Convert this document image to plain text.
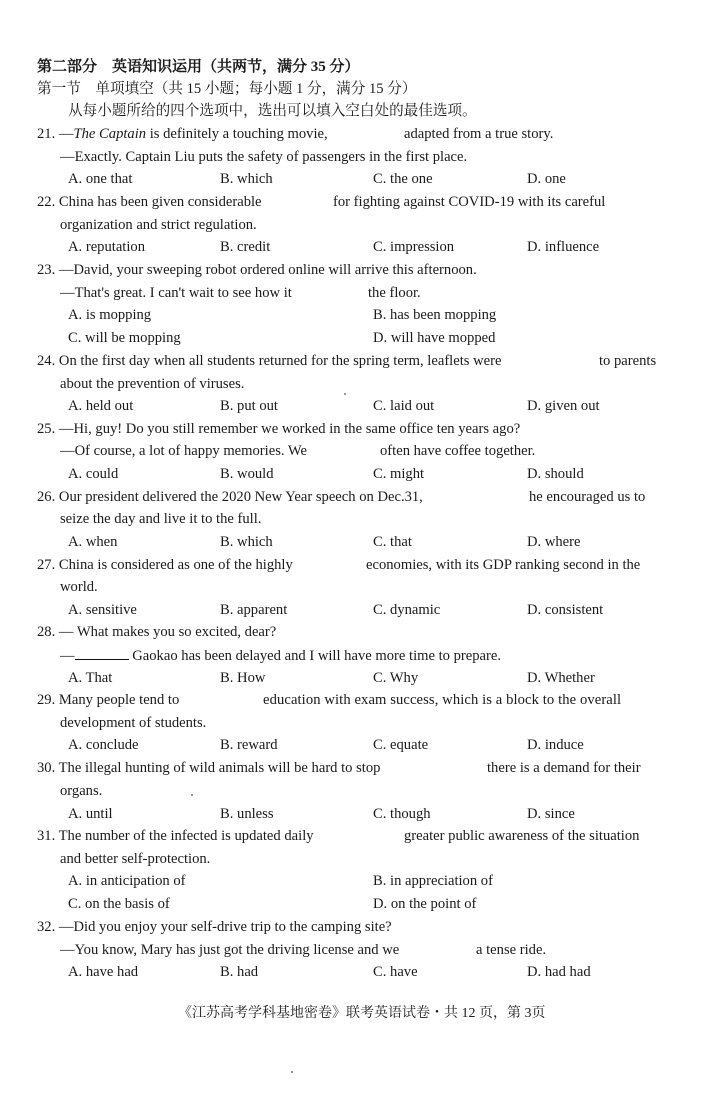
第二部分　英语知识运用（共两节，满分 35 分）
第一节　单项填空（共 15 小题；每小题 1 分，满分 15 分）
从每小题所给的四个选项中，选出可以填入空白处的最佳选项。
21. —The Captain is definitely a touching movie,	adapted from a true story.
—Exactly. Captain Liu puts the safety of passengers in the first place.
A. one that	B. which	C. the one	D. one
22. China has been given considerable	for fighting against COVID-19 with its careful
organization and strict regulation.
A. reputation	B. credit	C. impression	D. influence
23. —David, your sweeping robot ordered online will arrive this afternoon.
—That's great. I can't wait to see how it	the floor.
A. is mopping	B. has been mopping
C. will be mopping	D. will have mopped
24. On the first day when all students returned for the spring term, leaflets were	to parents
about the prevention of viruses.
A. held out	B. put out	C. laid out	D. given out
25. —Hi, guy! Do you still remember we worked in the same office ten years ago?
—Of course, a lot of happy memories. We	often have coffee together.
A. could	B. would	C. might	D. should
26. Our president delivered the 2020 New Year speech on Dec.31,	he encouraged us to
seize the day and live it to the full.
A. when	B. which	C. that	D. where
27. China is considered as one of the highly	economies, with its GDP ranking second in the
world.
A. sensitive	B. apparent	C. dynamic	D. consistent
28. — What makes you so excited, dear?
—	Gaokao has been delayed and I will have more time to prepare.
A. That	B. How	C. Why	D. Whether
29. Many people tend to	education with exam success, which is a block to the overall
development of students.
A. conclude	B. reward	C. equate	D. induce
30. The illegal hunting of wild animals will be hard to stop	there is a demand for their
organs.
A. until	B. unless	C. though	D. since
31. The number of the infected is updated daily	greater public awareness of the situation
and better self-protection.
A. in anticipation of	B. in appreciation of
C. on the basis of	D. on the point of
32. —Did you enjoy your self-drive trip to the camping site?
—You know, Mary has just got the driving license and we	a tense ride.
A. have had	B. had	C. have	D. had had
《江苏高考学科基地密卷》联考英语试卷・共 12 页，第 3页
